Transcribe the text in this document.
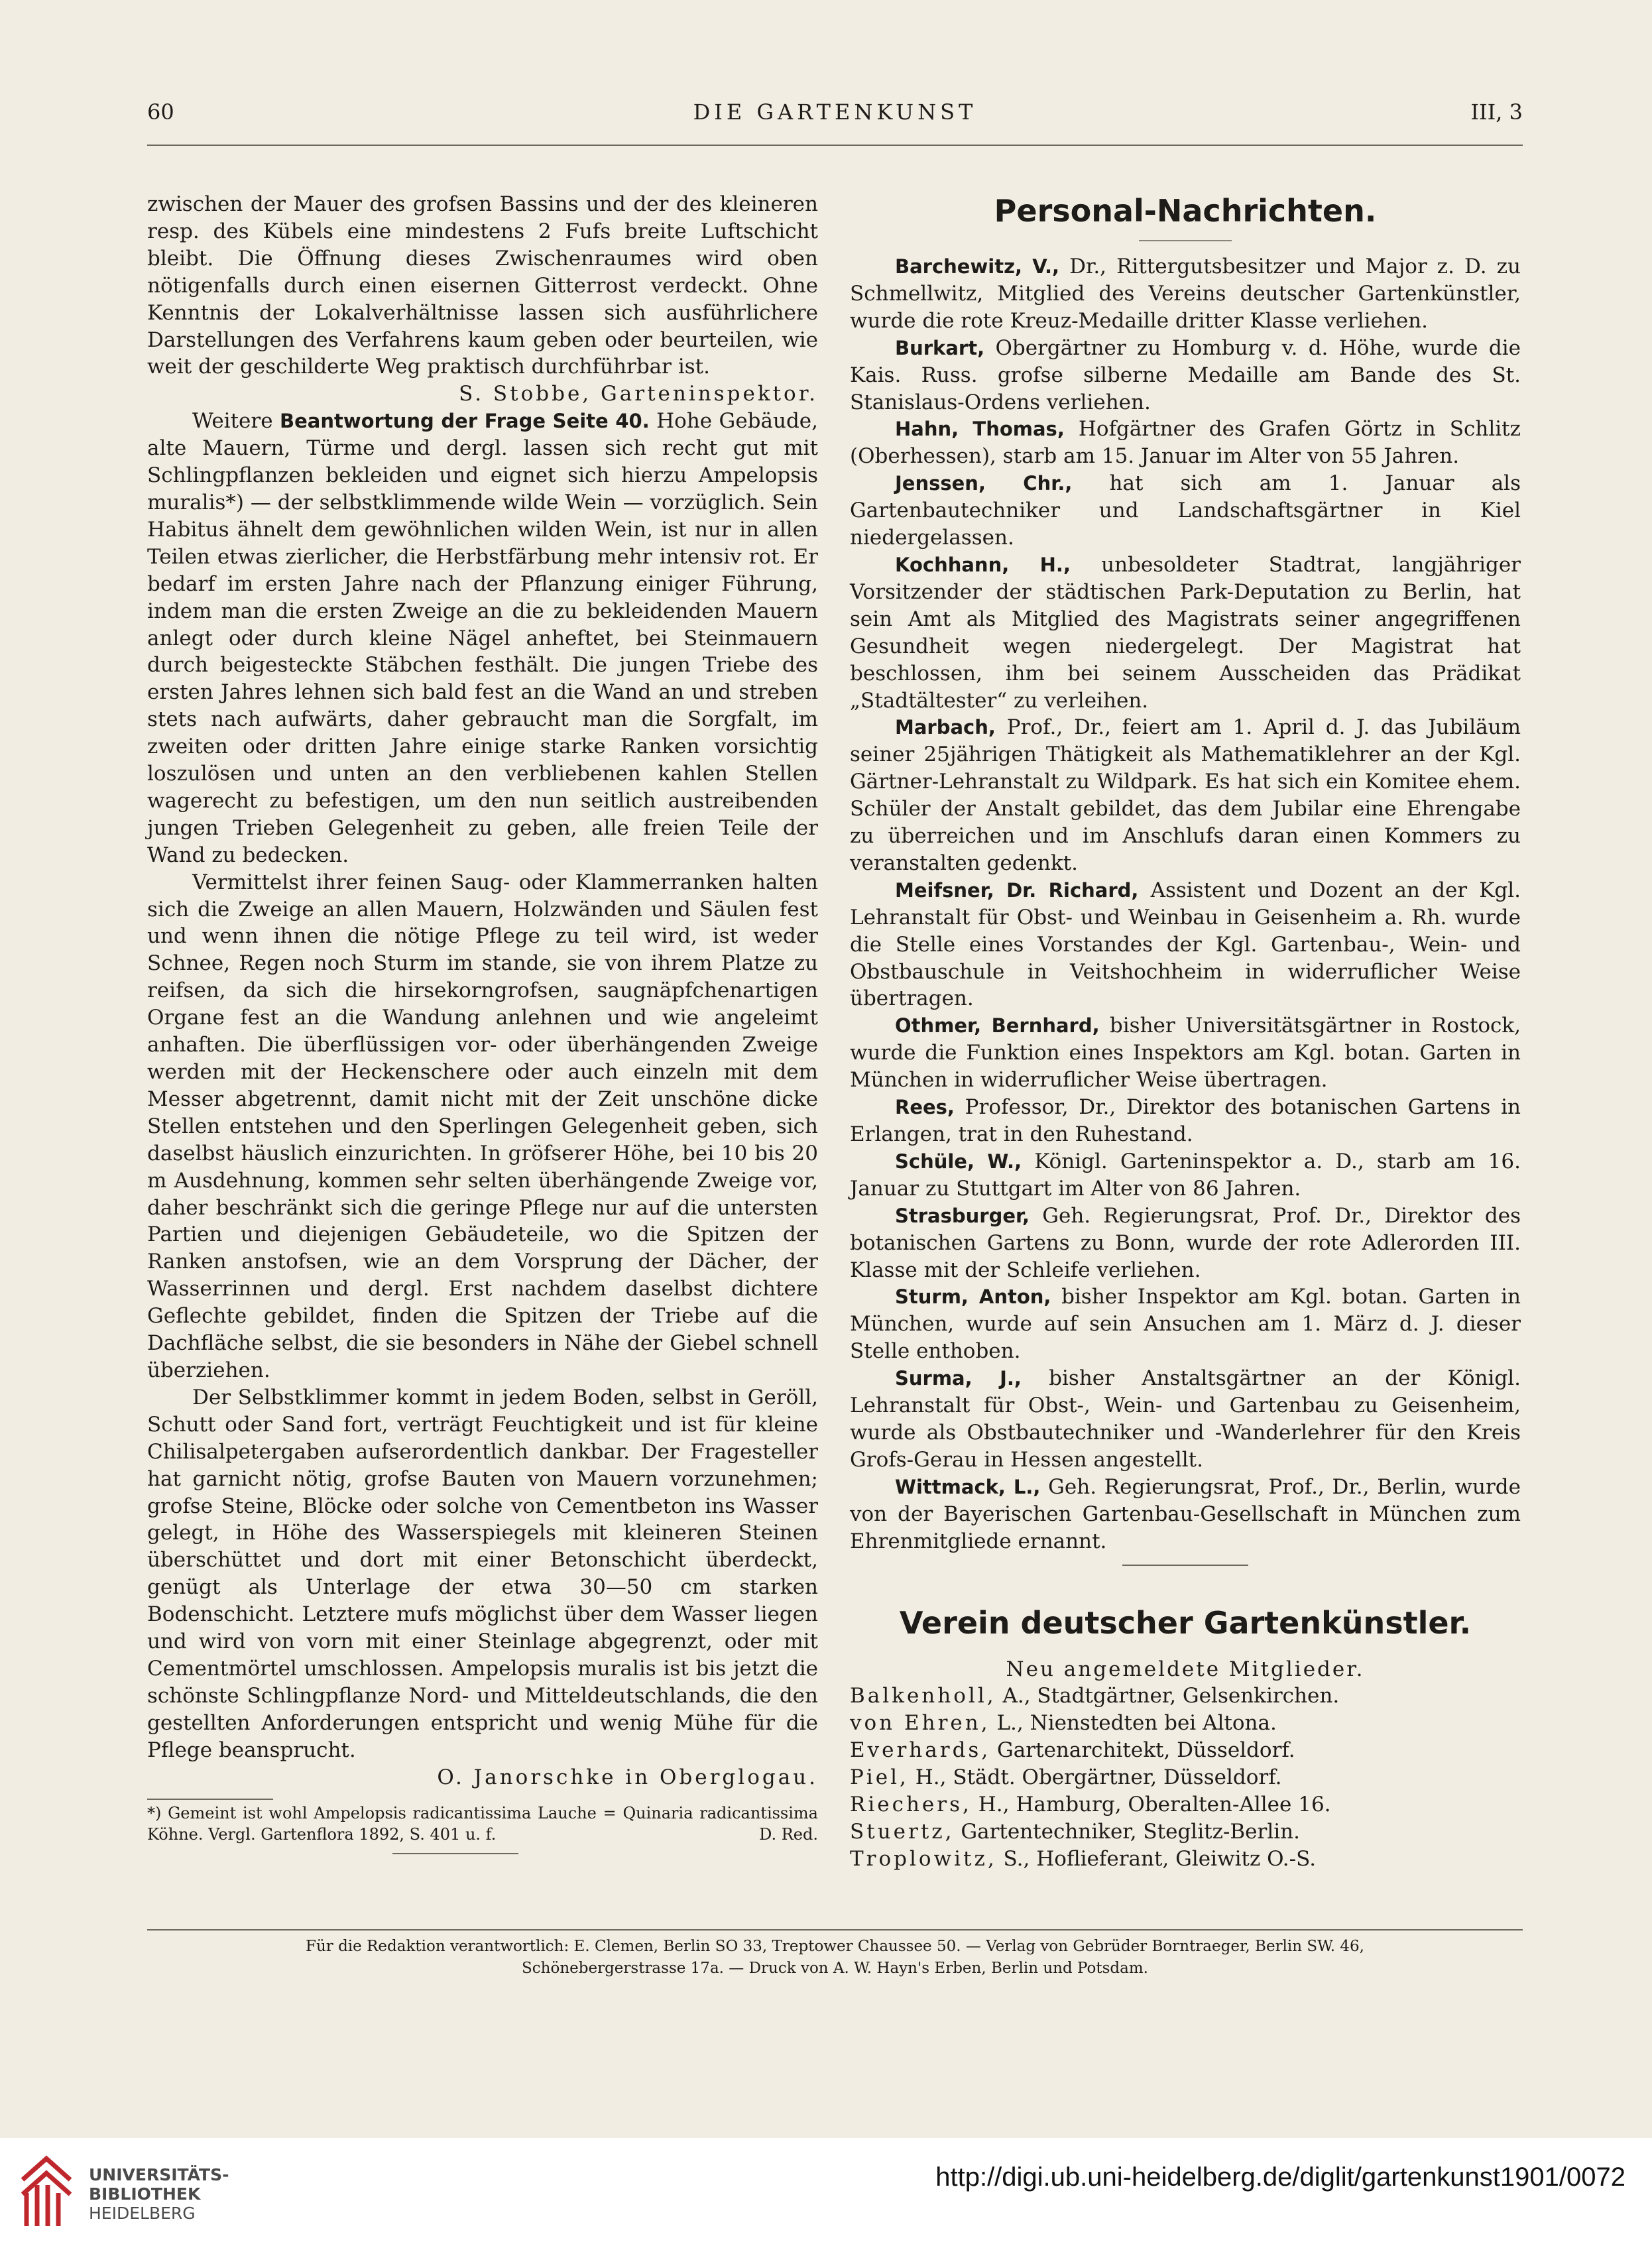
60	DIE GARTENKUNST	III, 3

zwischen der Mauer des grofsen Bassins und der des kleineren resp. des Kübels eine mindestens 2 Fufs breite Luftschicht bleibt. Die Öffnung dieses Zwischenraumes wird oben nötigenfalls durch einen eisernen Gitterrost verdeckt. Ohne Kenntnis der Lokalverhältnisse lassen sich ausführlichere Darstellungen des Verfahrens kaum geben oder beurteilen, wie weit der geschilderte Weg praktisch durchführbar ist.

S. Stobbe, Garteninspektor.

Weitere Beantwortung der Frage Seite 40. Hohe Gebäude, alte Mauern, Türme und dergl. lassen sich recht gut mit Schlingpflanzen bekleiden und eignet sich hierzu Ampelopsis muralis*) — der selbstklimmende wilde Wein — vorzüglich. Sein Habitus ähnelt dem gewöhnlichen wilden Wein, ist nur in allen Teilen etwas zierlicher, die Herbstfärbung mehr intensiv rot. Er bedarf im ersten Jahre nach der Pflanzung einiger Führung, indem man die ersten Zweige an die zu bekleidenden Mauern anlegt oder durch kleine Nägel anheftet, bei Steinmauern durch beigesteckte Stäbchen festhält. Die jungen Triebe des ersten Jahres lehnen sich bald fest an die Wand an und streben stets nach aufwärts, daher gebraucht man die Sorgfalt, im zweiten oder dritten Jahre einige starke Ranken vorsichtig loszulösen und unten an den verbliebenen kahlen Stellen wagerecht zu befestigen, um den nun seitlich austreibenden jungen Trieben Gelegenheit zu geben, alle freien Teile der Wand zu bedecken.

Vermittelst ihrer feinen Saug- oder Klammerranken halten sich die Zweige an allen Mauern, Holzwänden und Säulen fest und wenn ihnen die nötige Pflege zu teil wird, ist weder Schnee, Regen noch Sturm im stande, sie von ihrem Platze zu reifsen, da sich die hirsekorngrofsen, saugnäpfchenartigen Organe fest an die Wandung anlehnen und wie angeleimt anhaften. Die überflüssigen vor- oder überhängenden Zweige werden mit der Heckenschere oder auch einzeln mit dem Messer abgetrennt, damit nicht mit der Zeit unschöne dicke Stellen entstehen und den Sperlingen Gelegenheit geben, sich daselbst häuslich einzurichten. In gröfserer Höhe, bei 10 bis 20 m Ausdehnung, kommen sehr selten überhängende Zweige vor, daher beschränkt sich die geringe Pflege nur auf die untersten Partien und diejenigen Gebäudeteile, wo die Spitzen der Ranken anstofsen, wie an dem Vorsprung der Dächer, der Wasserrinnen und dergl. Erst nachdem daselbst dichtere Geflechte gebildet, finden die Spitzen der Triebe auf die Dachfläche selbst, die sie besonders in Nähe der Giebel schnell überziehen.

Der Selbstklimmer kommt in jedem Boden, selbst in Geröll, Schutt oder Sand fort, verträgt Feuchtigkeit und ist für kleine Chilisalpetergaben aufserordentlich dankbar. Der Fragesteller hat garnicht nötig, grofse Bauten von Mauern vorzunehmen; grofse Steine, Blöcke oder solche von Cementbeton ins Wasser gelegt, in Höhe des Wasserspiegels mit kleineren Steinen überschüttet und dort mit einer Betonschicht überdeckt, genügt als Unterlage der etwa 30—50 cm starken Bodenschicht. Letztere mufs möglichst über dem Wasser liegen und wird von vorn mit einer Steinlage abgegrenzt, oder mit Cementmörtel umschlossen. Ampelopsis muralis ist bis jetzt die schönste Schlingpflanze Nord- und Mitteldeutschlands, die den gestellten Anforderungen entspricht und wenig Mühe für die Pflege beansprucht.

O. Janorschke in Oberglogau.

*) Gemeint ist wohl Ampelopsis radicantissima Lauche = Quinaria radicantissima Köhne. Vergl. Gartenflora 1892, S. 401 u. f.	D. Red.

Personal-Nachrichten.

Barchewitz, V., Dr., Rittergutsbesitzer und Major z. D. zu Schmellwitz, Mitglied des Vereins deutscher Gartenkünstler, wurde die rote Kreuz-Medaille dritter Klasse verliehen.

Burkart, Obergärtner zu Homburg v. d. Höhe, wurde die Kais. Russ. grofse silberne Medaille am Bande des St. Stanislaus-Ordens verliehen.

Hahn, Thomas, Hofgärtner des Grafen Görtz in Schlitz (Oberhessen), starb am 15. Januar im Alter von 55 Jahren.

Jenssen, Chr., hat sich am 1. Januar als Gartenbautechniker und Landschaftsgärtner in Kiel niedergelassen.

Kochhann, H., unbesoldeter Stadtrat, langjähriger Vorsitzender der städtischen Park-Deputation zu Berlin, hat sein Amt als Mitglied des Magistrats seiner angegriffenen Gesundheit wegen niedergelegt. Der Magistrat hat beschlossen, ihm bei seinem Ausscheiden das Prädikat „Stadtältester“ zu verleihen.

Marbach, Prof., Dr., feiert am 1. April d. J. das Jubiläum seiner 25jährigen Thätigkeit als Mathematiklehrer an der Kgl. Gärtner-Lehranstalt zu Wildpark. Es hat sich ein Komitee ehem. Schüler der Anstalt gebildet, das dem Jubilar eine Ehrengabe zu überreichen und im Anschlufs daran einen Kommers zu veranstalten gedenkt.

Meifsner, Dr. Richard, Assistent und Dozent an der Kgl. Lehranstalt für Obst- und Weinbau in Geisenheim a. Rh. wurde die Stelle eines Vorstandes der Kgl. Gartenbau-, Wein- und Obstbauschule in Veitshochheim in widerruflicher Weise übertragen.

Othmer, Bernhard, bisher Universitätsgärtner in Rostock, wurde die Funktion eines Inspektors am Kgl. botan. Garten in München in widerruflicher Weise übertragen.

Rees, Professor, Dr., Direktor des botanischen Gartens in Erlangen, trat in den Ruhestand.

Schüle, W., Königl. Garteninspektor a. D., starb am 16. Januar zu Stuttgart im Alter von 86 Jahren.

Strasburger, Geh. Regierungsrat, Prof. Dr., Direktor des botanischen Gartens zu Bonn, wurde der rote Adlerorden III. Klasse mit der Schleife verliehen.

Sturm, Anton, bisher Inspektor am Kgl. botan. Garten in München, wurde auf sein Ansuchen am 1. März d. J. dieser Stelle enthoben.

Surma, J., bisher Anstaltsgärtner an der Königl. Lehranstalt für Obst-, Wein- und Gartenbau zu Geisenheim, wurde als Obstbautechniker und -Wanderlehrer für den Kreis Grofs-Gerau in Hessen angestellt.

Wittmack, L., Geh. Regierungsrat, Prof., Dr., Berlin, wurde von der Bayerischen Gartenbau-Gesellschaft in München zum Ehrenmitgliede ernannt.

Verein deutscher Gartenkünstler.

Neu angemeldete Mitglieder.

Balkenholl, A., Stadtgärtner, Gelsenkirchen.

von Ehren, L., Nienstedten bei Altona.

Everhards, Gartenarchitekt, Düsseldorf.

Piel, H., Städt. Obergärtner, Düsseldorf.

Riechers, H., Hamburg, Oberalten-Allee 16.

Stuertz, Gartentechniker, Steglitz-Berlin.

Troplowitz, S., Hoflieferant, Gleiwitz O.-S.

Für die Redaktion verantwortlich: E. Clemen, Berlin SO 33, Treptower Chaussee 50. — Verlag von Gebrüder Borntraeger, Berlin SW. 46,
Schönebergerstrasse 17a. — Druck von A. W. Hayn's Erben, Berlin und Potsdam.
UNIVERSITÄTS-
BIBLIOTHEK
HEIDELBERG
http://digi.ub.uni-heidelberg.de/diglit/gartenkunst1901/0072
